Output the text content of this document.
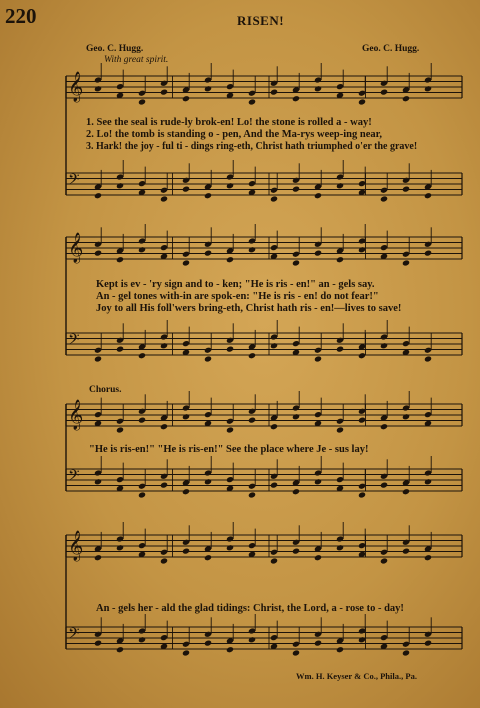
220	RISEN!
Geo. C. Hugg.	Geo. C. Hugg.
With great spirit.
𝄞
𝄢
𝄞
𝄢
𝄞
𝄢
𝄞
𝄢
1. See the seal is rude-ly brok-en! Lo! the stone is rolled a - way!
2. Lo! the tomb is standing o - pen, And the Ma-rys weep-ing near,
3. Hark! the joy - ful ti - dings ring-eth, Christ hath triumphed o'er the grave!
Kept is ev - 'ry sign and to - ken; "He is ris - en!" an - gels say.
An - gel tones with-in are spok-en: "He is ris - en! do not fear!"
Joy to all His foll'wers bring-eth, Christ hath ris - en!—lives to save!
Chorus.
"He is ris-en!" "He is ris-en!" See the place where Je - sus lay!
An - gels her - ald the glad tidings: Christ, the Lord, a - rose to - day!
Wm. H. Keyser & Co., Phila., Pa.
